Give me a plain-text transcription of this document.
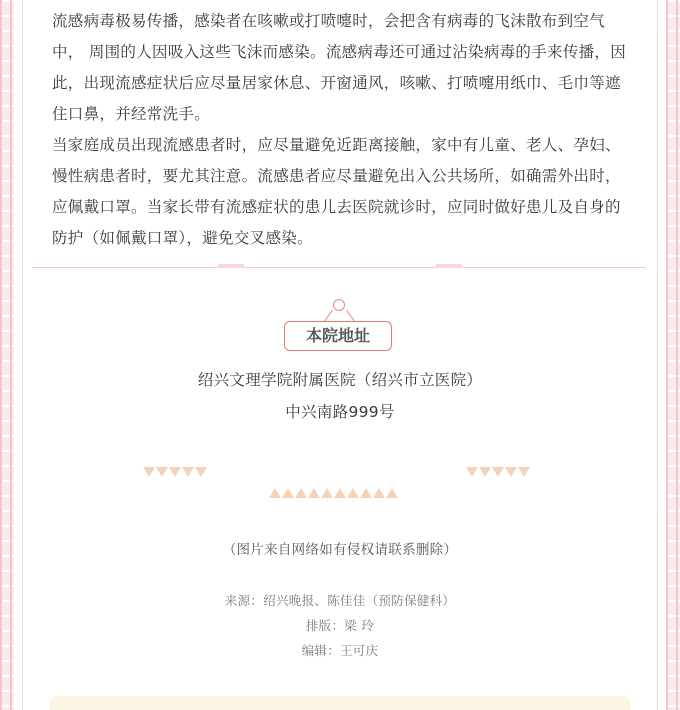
流感病毒极易传播，感染者在咳嗽或打喷嚏时，会把含有病毒的飞沫散布到空气中， 周围的人因吸入这些飞沫而感染。流感病毒还可通过沾染病毒的手来传播，因此，出现流感症状后应尽量居家休息、开窗通风，咳嗽、打喷嚏用纸巾、毛巾等遮住口鼻，并经常洗手。

当家庭成员出现流感患者时，应尽量避免近距离接触，家中有儿童、老人、孕妇、慢性病患者时，要尤其注意。流感患者应尽量避免出入公共场所，如确需外出时，应佩戴口罩。当家长带有流感症状的患儿去医院就诊时，应同时做好患儿及自身的防护（如佩戴口罩），避免交叉感染。

本院地址
绍兴文理学院附属医院（绍兴市立医院）
中兴南路999号
（图片来自网络如有侵权请联系删除）
来源：绍兴晚报、陈佳佳（预防保健科）
排版：梁 玲
编辑：王可庆
